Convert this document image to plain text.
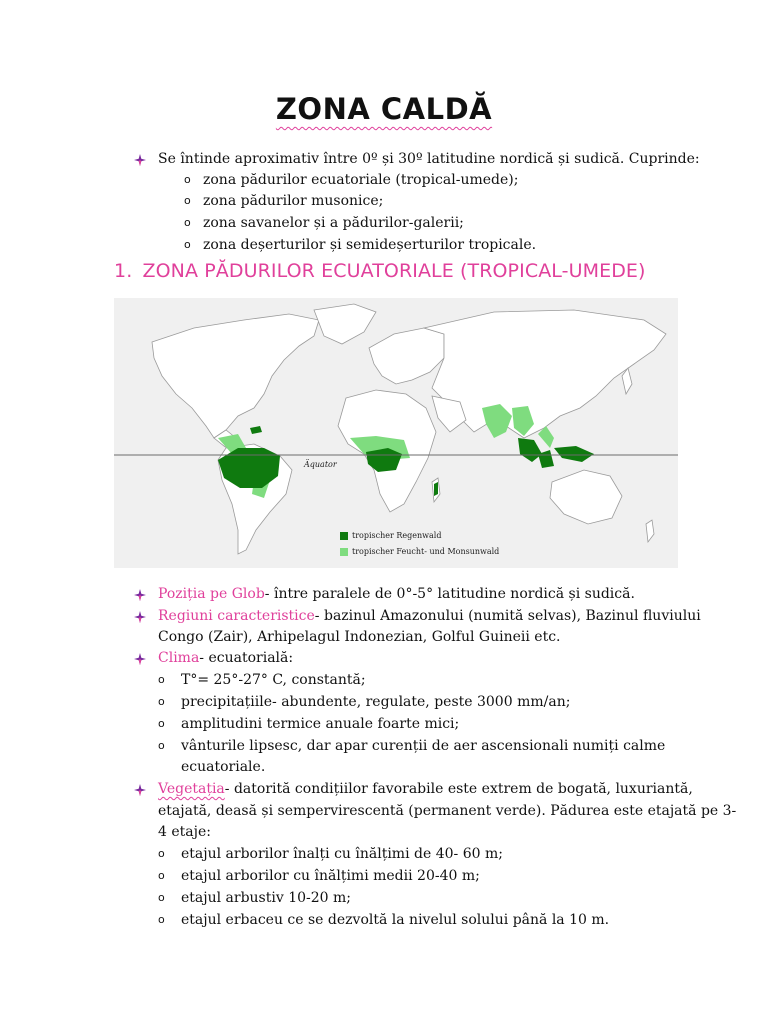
ZONA CALDĂ
Se întinde aproximativ între 0º și 30º latitudine nordică și sudică. Cuprinde:
o zona pădurilor ecuatoriale (tropical-umede);
o zona pădurilor musonice;
o zona savanelor și a pădurilor-galerii;
o zona deșerturilor și semideșerturilor tropicale.
1. ZONA PĂDURILOR ECUATORIALE (TROPICAL-UMEDE)
Äquator
tropischer Regenwald
tropischer Feucht- und Monsunwald
Poziția pe Glob- între paralele de 0°-5° latitudine nordică și sudică.
Regiuni caracteristice- bazinul Amazonului (numită selvas), Bazinul fluviului
Congo (Zair), Arhipelagul Indonezian, Golful Guineii etc.
Clima- ecuatorială:
o T°= 25°-27° C, constantă;
o precipitațiile- abundente, regulate, peste 3000 mm/an;
o amplitudini termice anuale foarte mici;
o vânturile lipsesc, dar apar curenții de aer ascensionali numiți calme
ecuatoriale.
Vegetația- datorită condițiilor favorabile este extrem de bogată, luxuriantă,
etajată, deasă și sempervirescentă (permanent verde). Pădurea este etajată pe 3-
4 etaje:
o etajul arborilor înalți cu înălțimi de 40- 60 m;
o etajul arborilor cu înălțimi medii 20-40 m;
o etajul arbustiv 10-20 m;
o etajul erbaceu ce se dezvoltă la nivelul solului până la 10 m.
